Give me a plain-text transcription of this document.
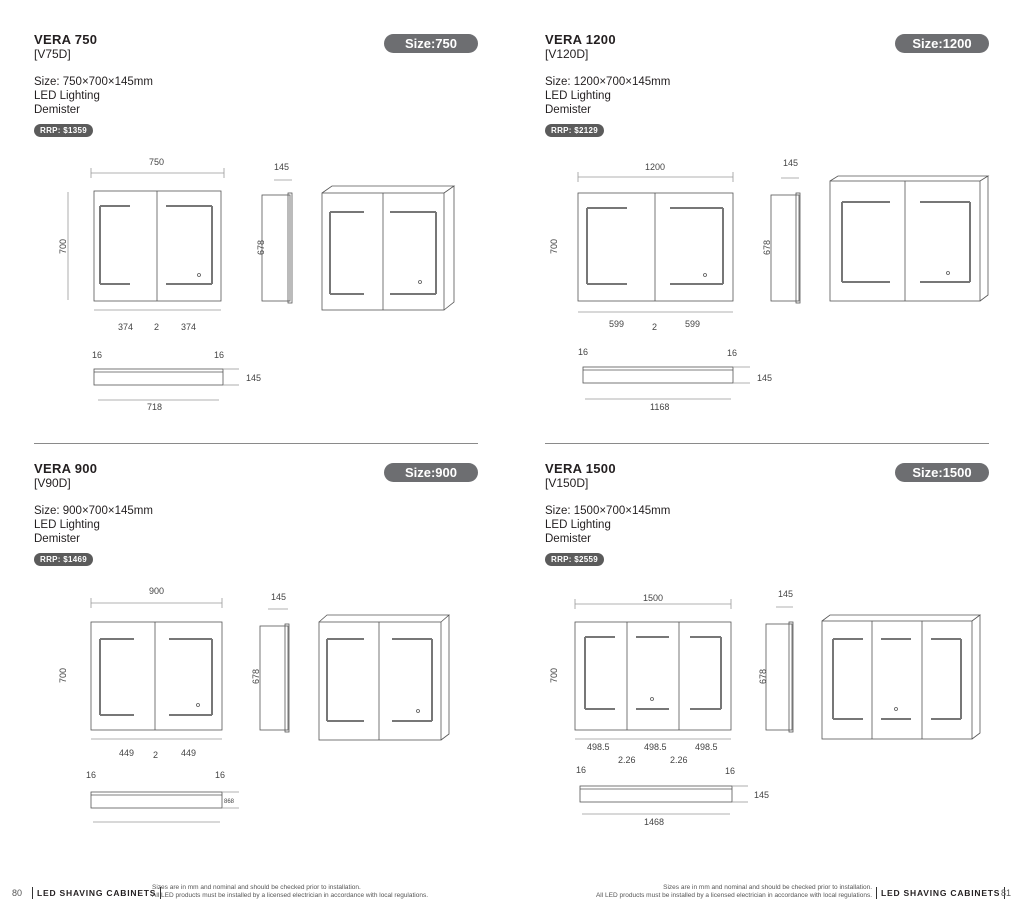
VERA 750
[V75D]
Size: 750×700×145mm
LED Lighting
Demister
RRP: $1359
Size:750
750
700
145
678
374 2 374
16	16
145
718
VERA 1200
[V120D]
Size: 1200×700×145mm
LED Lighting
Demister
RRP: $2129
Size:1200
1200
700
145
678
599	2	599
16	16
145
1168
VERA 900
[V90D]
Size: 900×700×145mm
LED Lighting
Demister
RRP: $1469
Size:900
900
700
145
678
449 2	449
16	16
868
VERA 1500
[V150D]
Size: 1500×700×145mm
LED Lighting
Demister
RRP: $2559
Size:1500
1500
700
145
678
498.5	498.5	498.5
2.26	2.26
16	16
145
1468
80	LED SHAVING CABINETS
Sizes are in mm and nominal and should be checked prior to installation.
All LED products must be installed by a licensed electrician in accordance with local regulations.
Sizes are in mm and nominal and should be checked prior to installation.
All LED products must be installed by a licensed electrician in accordance with local regulations.	LED SHAVING CABINETS 81
